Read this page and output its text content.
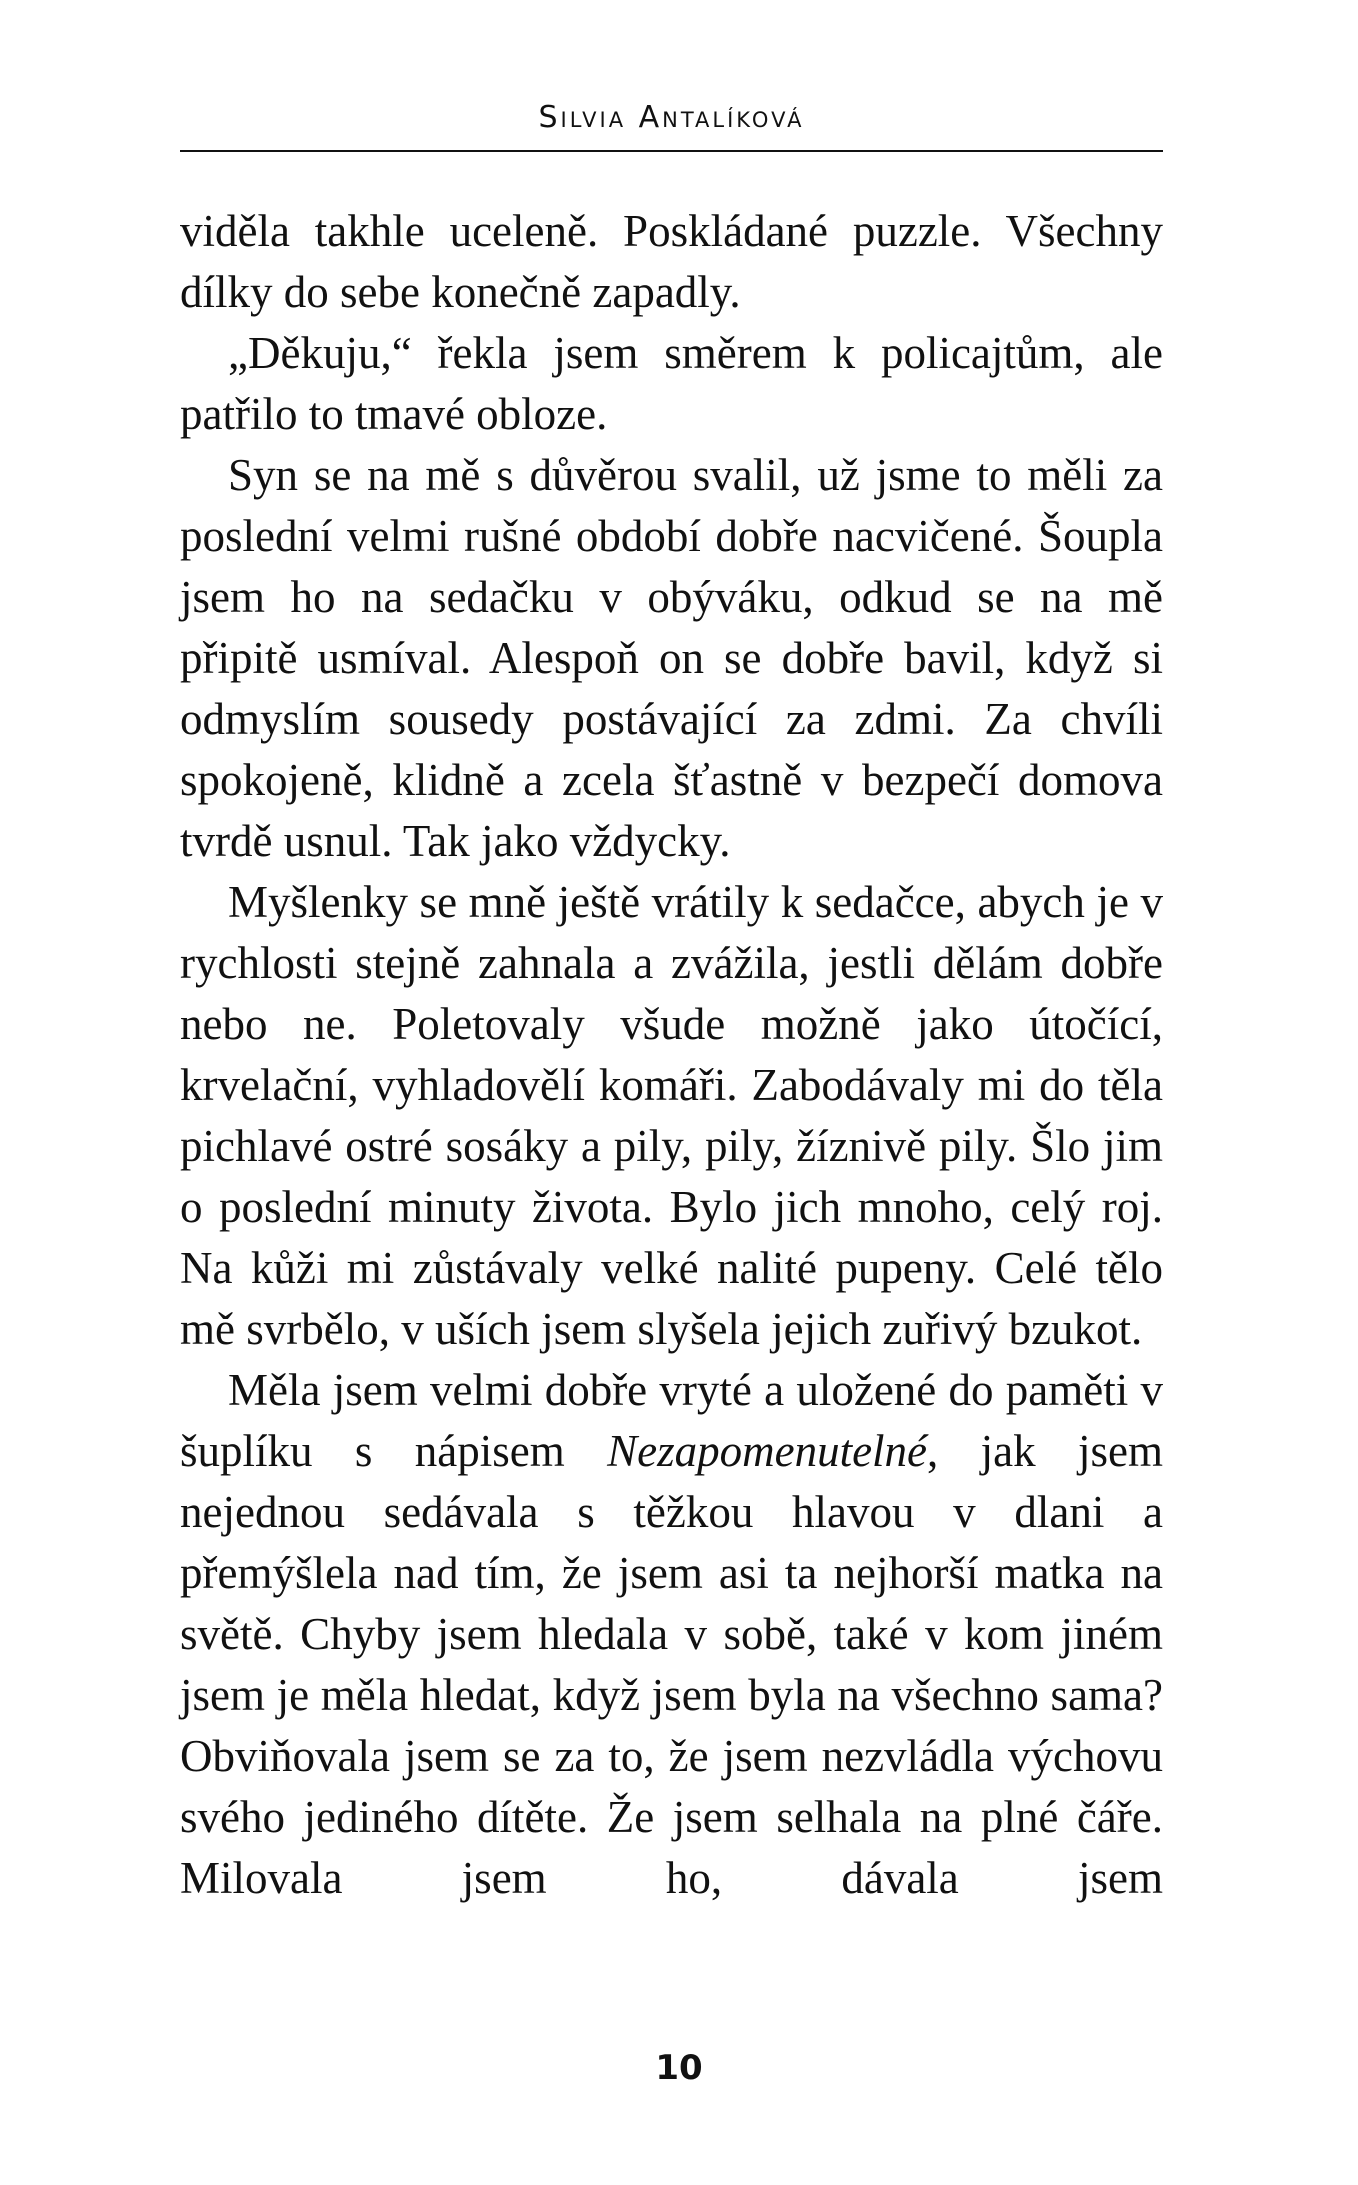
Silvia Antalíková

viděla takhle uceleně. Poskládané puzzle. Všechny dílky do sebe konečně zapadly.

„Děkuju,“ řekla jsem směrem k policajtům, ale patřilo to tmavé obloze.

Syn se na mě s důvěrou svalil, už jsme to měli za poslední velmi rušné období dobře nacvičené. Šoupla jsem ho na sedačku v obýváku, odkud se na mě připitě usmíval. Alespoň on se dobře bavil, když si odmyslím sousedy postávající za zdmi. Za chvíli spokojeně, klidně a zcela šťastně v bezpečí domova tvrdě usnul. Tak jako vždycky.

Myšlenky se mně ještě vrátily k sedačce, abych je v rychlosti stejně zahnala a zvážila, jestli dělám dobře nebo ne. Poletovaly všude možně jako útočící, krvelační, vyhladovělí komáři. Zabodávaly mi do těla pichlavé ostré sosáky a pily, pily, žíznivě pily. Šlo jim o poslední minuty života. Bylo jich mnoho, celý roj. Na kůži mi zůstávaly velké nalité pupeny. Celé tělo mě svrbělo, v uších jsem slyšela jejich zuřivý bzukot.

Měla jsem velmi dobře vryté a uložené do paměti v šuplíku s nápisem Nezapomenutelné, jak jsem nejednou sedávala s těžkou hlavou v dlani a přemýšlela nad tím, že jsem asi ta nejhorší matka na světě. Chyby jsem hledala v sobě, také v kom jiném jsem je měla hledat, když jsem byla na všechno sama? Obviňovala jsem se za to, že jsem nezvládla výchovu svého jediného dítěte. Že jsem selhala na plné čáře. Milovala jsem ho, dávala jsem

10
